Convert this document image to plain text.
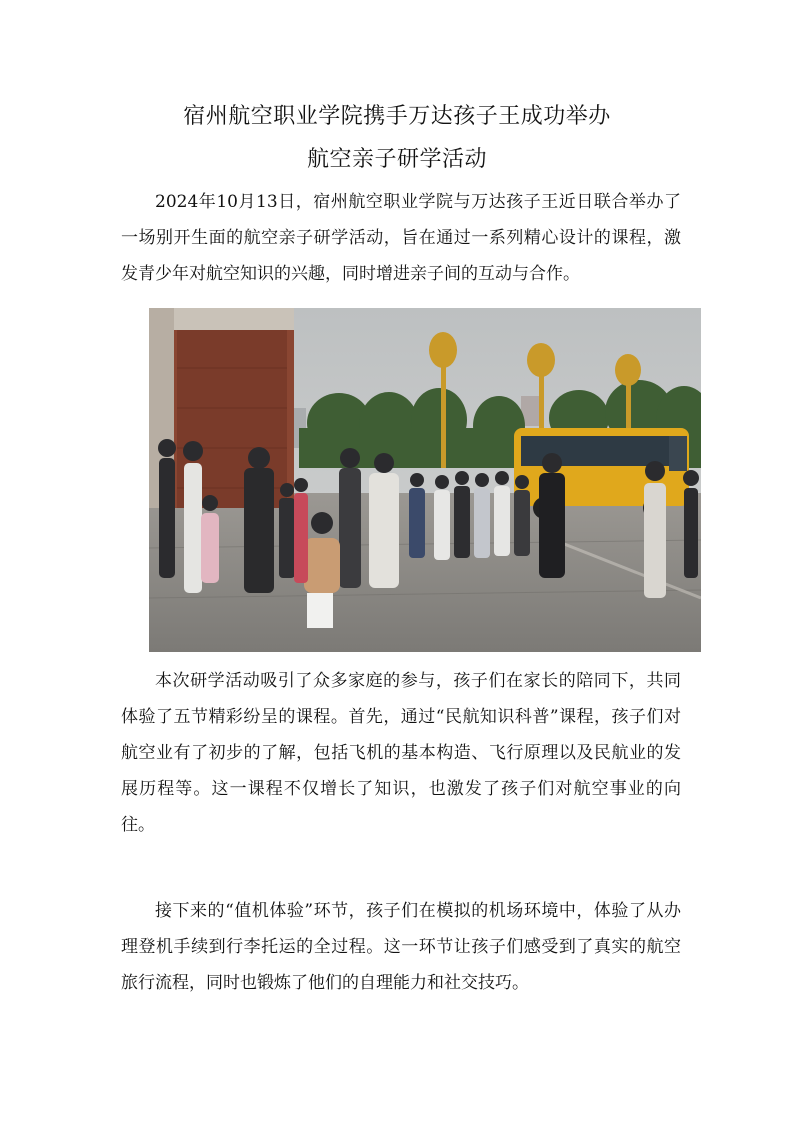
宿州航空职业学院携手万达孩子王成功举办
航空亲子研学活动

2024年10月13日，宿州航空职业学院与万达孩子王近日联合举办了一场别开生面的航空亲子研学活动，旨在通过一系列精心设计的课程，激发青少年对航空知识的兴趣，同时增进亲子间的互动与合作。

本次研学活动吸引了众多家庭的参与，孩子们在家长的陪同下，共同体验了五节精彩纷呈的课程。首先，通过“民航知识科普”课程，孩子们对航空业有了初步的了解，包括飞机的基本构造、飞行原理以及民航业的发展历程等。这一课程不仅增长了知识，也激发了孩子们对航空事业的向往。

接下来的“值机体验”环节，孩子们在模拟的机场环境中，体验了从办理登机手续到行李托运的全过程。这一环节让孩子们感受到了真实的航空旅行流程，同时也锻炼了他们的自理能力和社交技巧。
